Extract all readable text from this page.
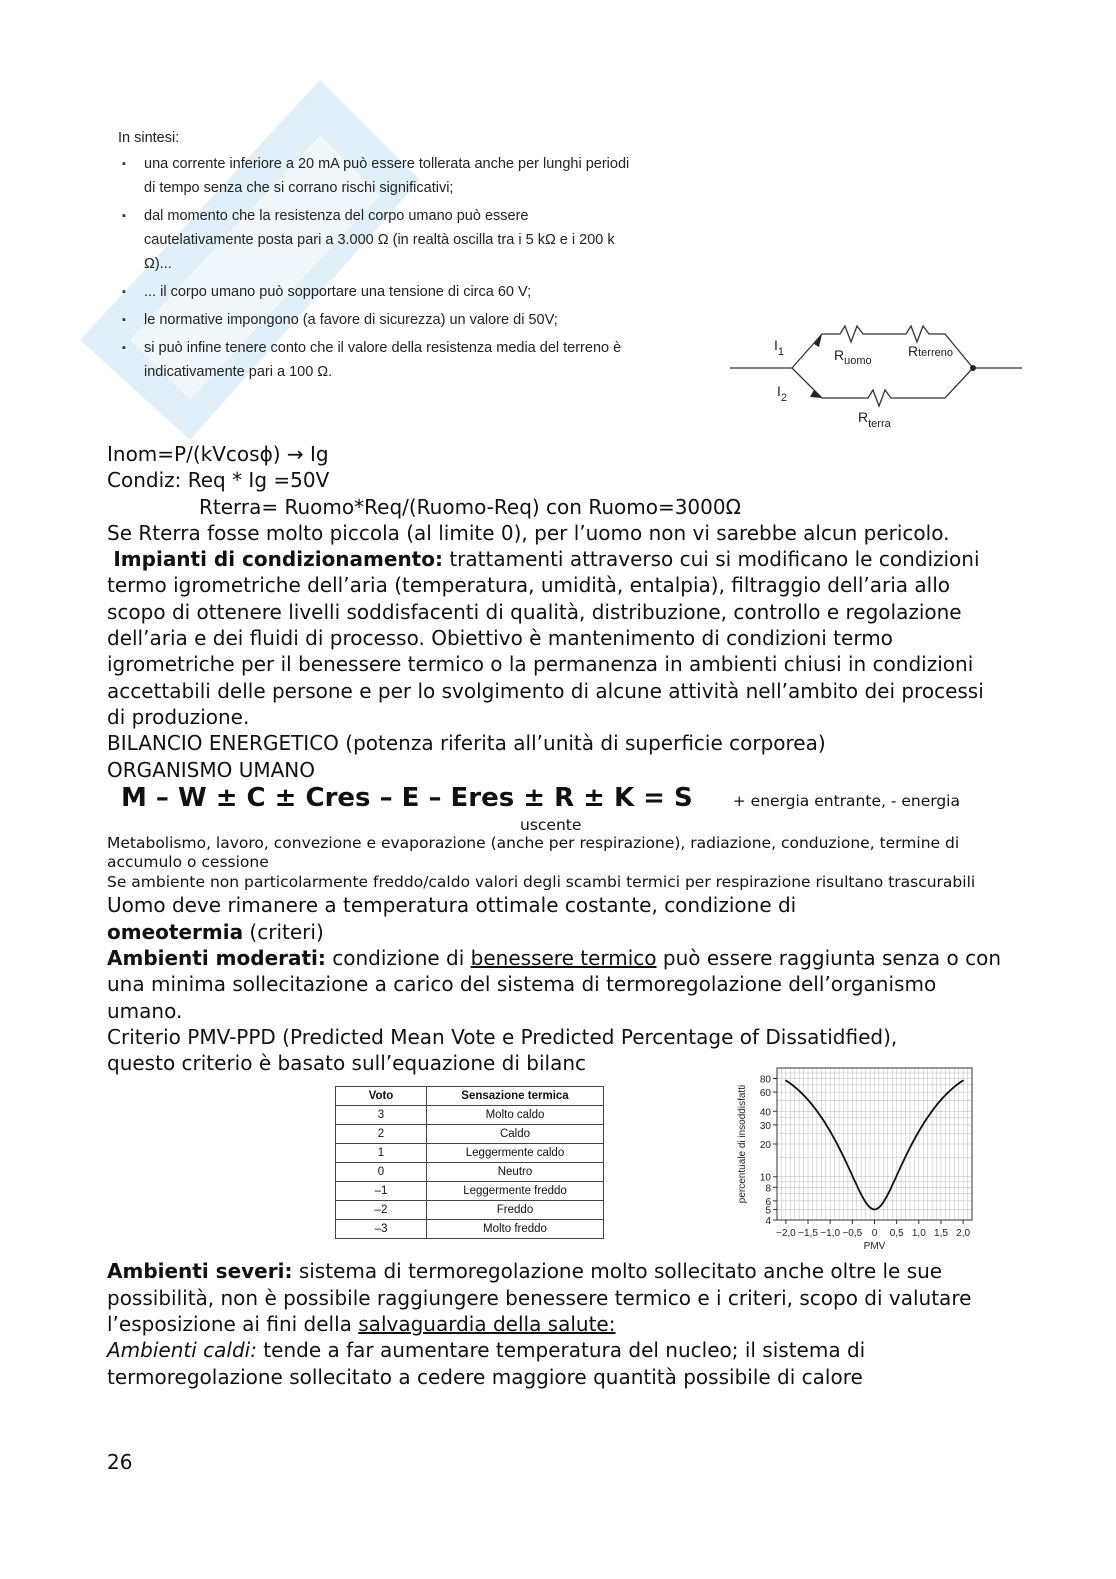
In sintesi:
▪ una corrente inferiore a 20 mA può essere tollerata anche per lunghi periodi di tempo senza che si corrano rischi significativi;
▪ dal momento che la resistenza del corpo umano può essere cautelativamente posta pari a 3.000 Ω (in realtà oscilla tra i 5 kΩ e i 200 k Ω)...
▪ ... il corpo umano può sopportare una tensione di circa 60 V;
▪ le normative impongono (a favore di sicurezza) un valore di 50V;
▪ si può infine tenere conto che il valore della resistenza media del terreno è indicativamente pari a 100 Ω.
$I_1$
$I_2$
$R_{uomo}$
Rterreno
$R_{terra}$

Inom=P/(kVcosϕ) → Ig

Condiz: Req * Ig =50V

Rterra= Ruomo*Req/(Ruomo-Req) con Ruomo=3000Ω

Se Rterra fosse molto piccola (al limite 0), per l’uomo non vi sarebbe alcun pericolo.

Impianti di condizionamento: trattamenti attraverso cui si modificano le condizioni termo igrometriche dell’aria (temperatura, umidità, entalpia), filtraggio dell’aria allo scopo di ottenere livelli soddisfacenti di qualità, distribuzione, controllo e regolazione dell’aria e dei fluidi di processo. Obiettivo è mantenimento di condizioni termo igrometriche per il benessere termico o la permanenza in ambienti chiusi in condizioni accettabili delle persone e per lo svolgimento di alcune attività nell’ambito dei processi di produzione.

BILANCIO ENERGETICO (potenza riferita all’unità di superficie corporea)

ORGANISMO UMANO

M – W ± C ± Cres – E – Eres ± R ± K = S	+ energia entrante, - energia

uscente

Metabolismo, lavoro, convezione e evaporazione (anche per respirazione), radiazione, conduzione, termine di accumulo o cessione

Se ambiente non particolarmente freddo/caldo valori degli scambi termici per respirazione risultano trascurabili

Uomo deve rimanere a temperatura ottimale costante, condizione di
omeotermia (criteri)

Ambienti moderati: condizione di benessere termico può essere raggiunta senza o con una minima sollecitazione a carico del sistema di termoregolazione dell’organismo umano.

Criterio PMV-PPD (Predicted Mean Vote e Predicted Percentage of Dissatidfied),

questo criterio è basato sull’equazione di bilanc

Voto	Sensazione termica
3	Molto caldo
2	Caldo
1	Leggermente caldo
0	Neutro
–1	Leggermente freddo
–2	Freddo
–3	Molto freddo
4
5
6
8
10
20
30
40
60
80
−2,0 −1,5 −1,0 −0,5 0 0,5 1,0 1,5 2,0
PMV
percentuale di insoddisfatti

Ambienti severi: sistema di termoregolazione molto sollecitato anche oltre le sue possibilità, non è possibile raggiungere benessere termico e i criteri, scopo di valutare l’esposizione ai fini della salvaguardia della salute:

Ambienti caldi: tende a far aumentare temperatura del nucleo; il sistema di termoregolazione sollecitato a cedere maggiore quantità possibile di calore

26
